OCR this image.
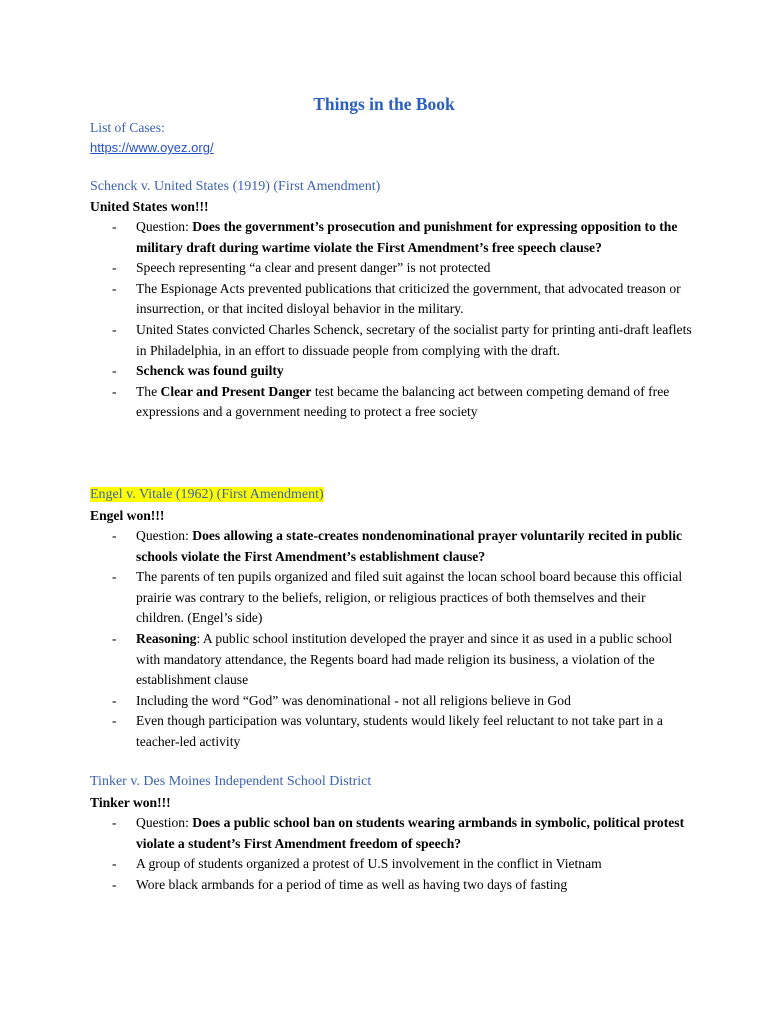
Things in the Book
List of Cases:
https://www.oyez.org/
Schenck v. United States (1919) (First Amendment)
United States won!!!
- Question: Does the government’s prosecution and punishment for expressing opposition to the military draft during wartime violate the First Amendment’s free speech clause?
- Speech representing “a clear and present danger” is not protected
- The Espionage Acts prevented publications that criticized the government, that advocated treason or insurrection, or that incited disloyal behavior in the military.
- United States convicted Charles Schenck, secretary of the socialist party for printing anti-draft leaflets in Philadelphia, in an effort to dissuade people from complying with the draft.
- Schenck was found guilty
- The Clear and Present Danger test became the balancing act between competing demand of free expressions and a government needing to protect a free society
Engel v. Vitale (1962) (First Amendment)
Engel won!!!
- Question: Does allowing a state-creates nondenominational prayer voluntarily recited in public schools violate the First Amendment’s establishment clause?
- The parents of ten pupils organized and filed suit against the locan school board because this official prairie was contrary to the beliefs, religion, or religious practices of both themselves and their children. (Engel’s side)
- Reasoning: A public school institution developed the prayer and since it as used in a public school with mandatory attendance, the Regents board had made religion its business, a violation of the establishment clause
- Including the word “God” was denominational - not all religions believe in God
- Even though participation was voluntary, students would likely feel reluctant to not take part in a teacher-led activity
Tinker v. Des Moines Independent School District
Tinker won!!!
- Question: Does a public school ban on students wearing armbands in symbolic, political protest violate a student’s First Amendment freedom of speech?
- A group of students organized a protest of U.S involvement in the conflict in Vietnam
- Wore black armbands for a period of time as well as having two days of fasting
